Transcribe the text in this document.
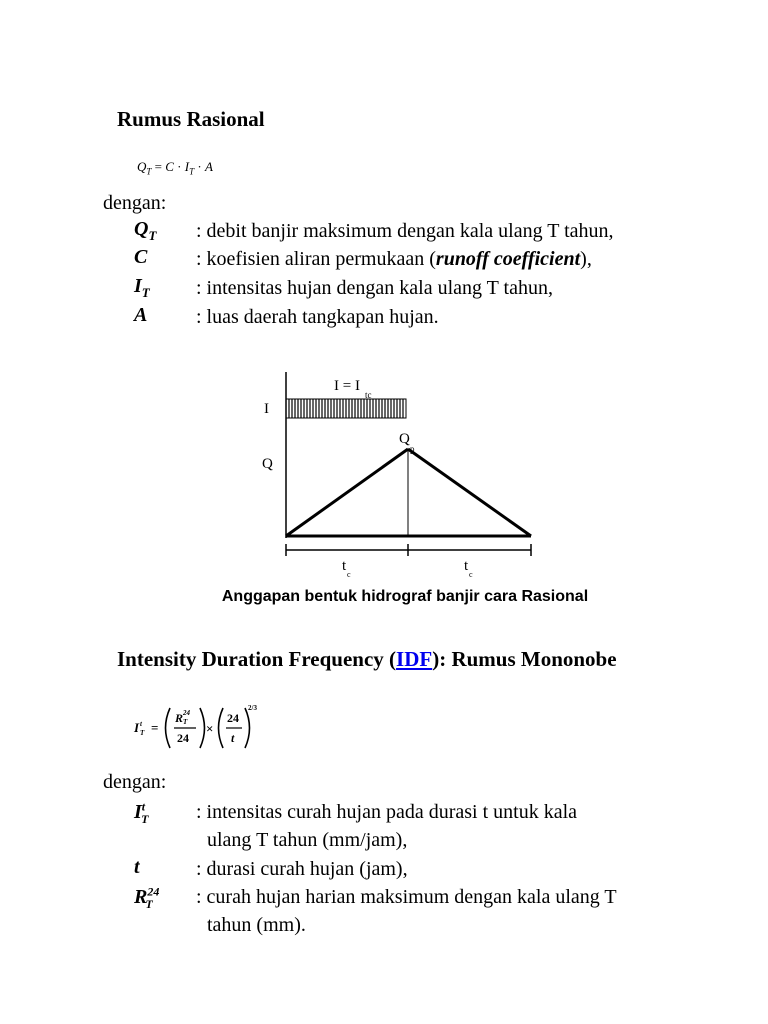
Rumus Rasional
$Q_T = C \cdot I_T \cdot A$
dengan:
$Q_T$ : debit banjir maksimum dengan kala ulang T tahun,
C : koefisien aliran permukaan (runoff coefficient),
$I_T$ : intensitas hujan dengan kala ulang T tahun,
A : luas daerah tangkapan hujan.
I
Q
I = I
tc
Q
p
t
c
t
c
Anggapan bentuk hidrograf banjir cara Rasional
Intensity Duration Frequency (IDF): Rumus Mononobe
I t
T =
R 24
T
24
×
24
t
2/3
dengan:
$I^t_T$ : intensitas curah hujan pada durasi t untuk kala
ulang T tahun (mm/jam),
t	: durasi curah hujan (jam),
$R^{24}_T$ : curah hujan harian maksimum dengan kala ulang T
tahun (mm).
